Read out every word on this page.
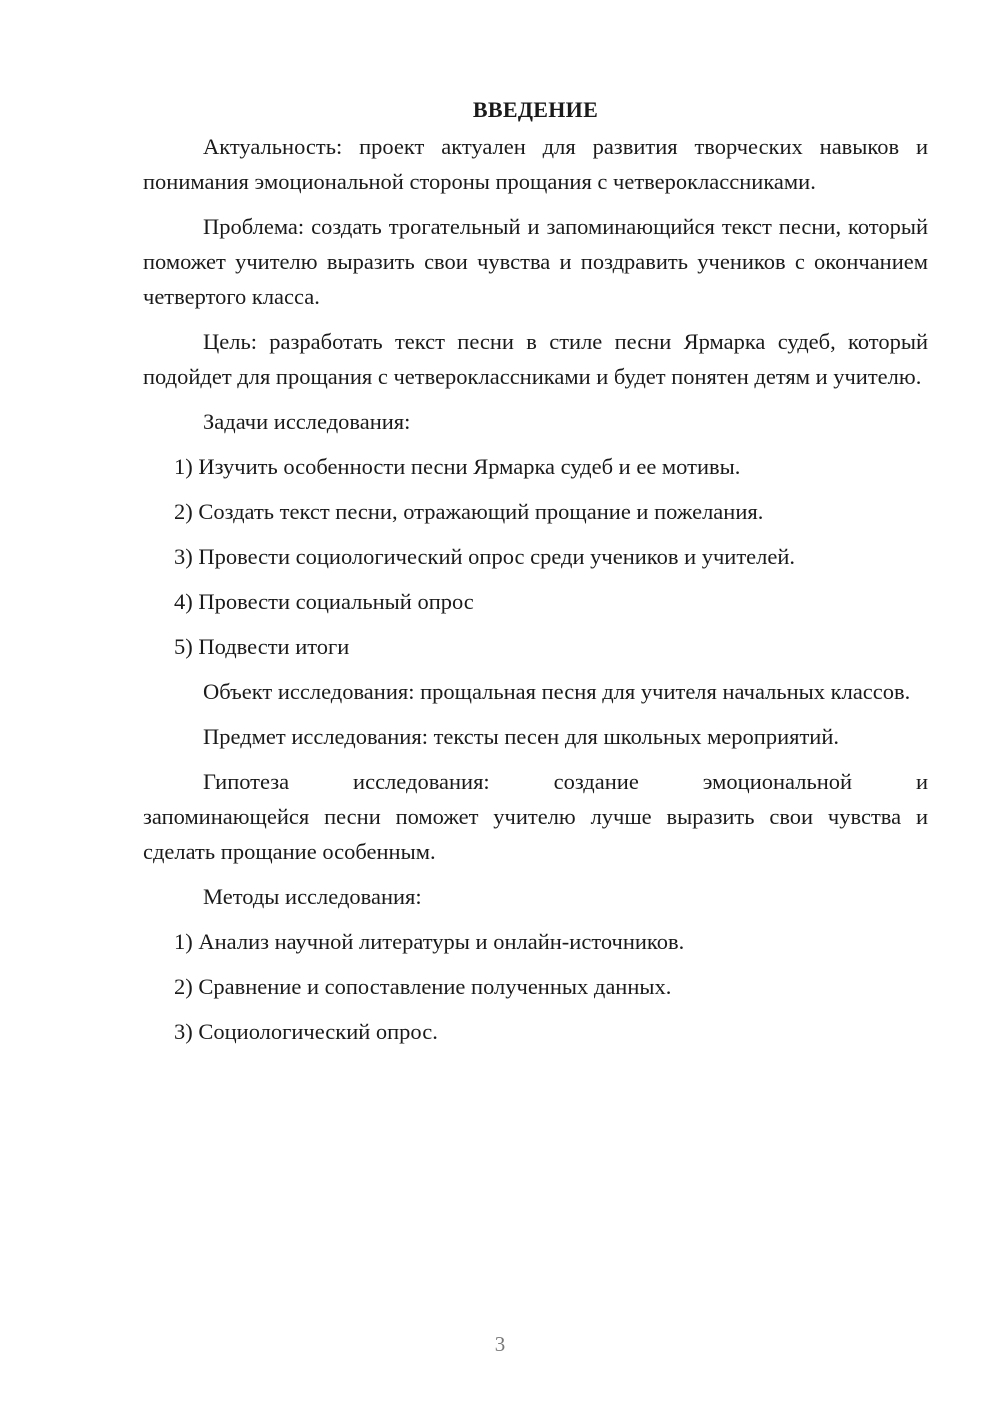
ВВЕДЕНИЕ

Актуальность: проект актуален для развития творческих навыков и понимания эмоциональной стороны прощания с четвероклассниками.

Проблема: создать трогательный и запоминающийся текст песни, который поможет учителю выразить свои чувства и поздравить учеников с окончанием четвертого класса.

Цель: разработать текст песни в стиле песни Ярмарка судеб, который подойдет для прощания с четвероклассниками и будет понятен детям и учителю.

Задачи исследования:

1) Изучить особенности песни Ярмарка судеб и ее мотивы.

2) Создать текст песни, отражающий прощание и пожелания.

3) Провести социологический опрос среди учеников и учителей.

4) Провести социальный опрос

5) Подвести итоги

Объект исследования: прощальная песня для учителя начальных классов.

Предмет исследования: тексты песен для школьных мероприятий.

Гипотеза исследования: создание эмоциональной и

запоминающейся песни поможет учителю лучше выразить свои чувства и сделать прощание особенным.

Методы исследования:

1) Анализ научной литературы и онлайн-источников.

2) Сравнение и сопоставление полученных данных.

3) Социологический опрос.

3
